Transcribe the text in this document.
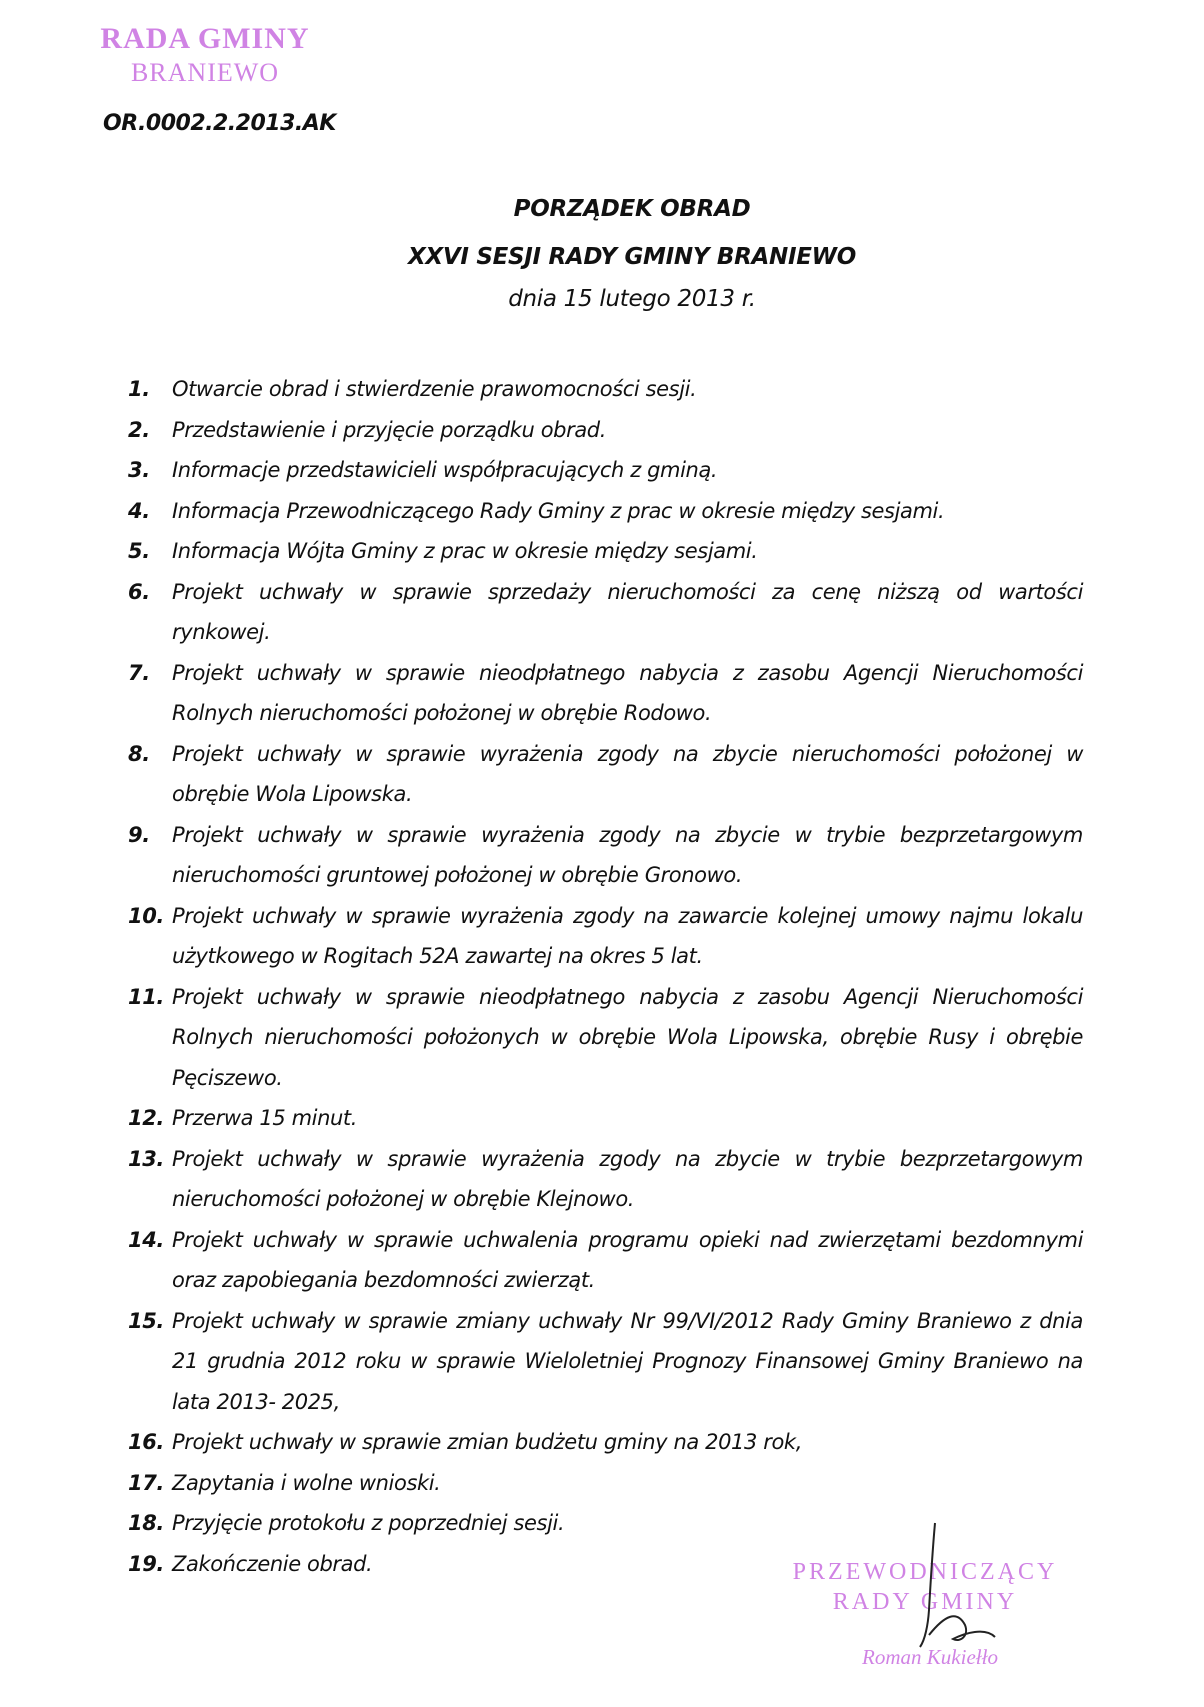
RADA GMINY
BRANIEWO
OR.0002.2.2013.AK
PORZĄDEK OBRAD
XXVI SESJI RADY GMINY BRANIEWO
dnia 15 lutego 2013 r.
1.	Otwarcie obrad i stwierdzenie prawomocności sesji.
2.	Przedstawienie i przyjęcie porządku obrad.
3.	Informacje przedstawicieli współpracujących z gminą.
4.	Informacja Przewodniczącego Rady Gminy z prac w okresie między sesjami.
5.	Informacja Wójta Gminy z prac w okresie między sesjami.
6.	Projekt uchwały w sprawie sprzedaży nieruchomości za cenę niższą od wartości rynkowej.
7.	Projekt uchwały w sprawie nieodpłatnego nabycia z zasobu Agencji Nieruchomości Rolnych nieruchomości położonej w obrębie Rodowo.
8.	Projekt uchwały w sprawie wyrażenia zgody na zbycie nieruchomości położonej w obrębie Wola Lipowska.
9.	Projekt uchwały w sprawie wyrażenia zgody na zbycie w trybie bezprzetargowym nieruchomości gruntowej położonej w obrębie Gronowo.
10. Projekt uchwały w sprawie wyrażenia zgody na zawarcie kolejnej umowy najmu lokalu użytkowego w Rogitach 52A zawartej na okres 5 lat.
11. Projekt uchwały w sprawie nieodpłatnego nabycia z zasobu Agencji Nieruchomości Rolnych nieruchomości położonych w obrębie Wola Lipowska, obrębie Rusy i obrębie Pęciszewo.
12. Przerwa 15 minut.
13. Projekt uchwały w sprawie wyrażenia zgody na zbycie w trybie bezprzetargowym nieruchomości położonej w obrębie Klejnowo.
14. Projekt uchwały w sprawie uchwalenia programu opieki nad zwierzętami bezdomnymi oraz zapobiegania bezdomności zwierząt.
15. Projekt uchwały w sprawie zmiany uchwały Nr 99/VI/2012 Rady Gminy Braniewo z dnia 21 grudnia 2012 roku w sprawie Wieloletniej Prognozy Finansowej Gminy Braniewo na lata 2013- 2025,
16. Projekt uchwały w sprawie zmian budżetu gminy na 2013 rok,
17. Zapytania i wolne wnioski.
18. Przyjęcie protokołu z poprzedniej sesji.
19. Zakończenie obrad.	PRZEWODNICZĄCY
RADY GMINY
Roman Kukiełło
